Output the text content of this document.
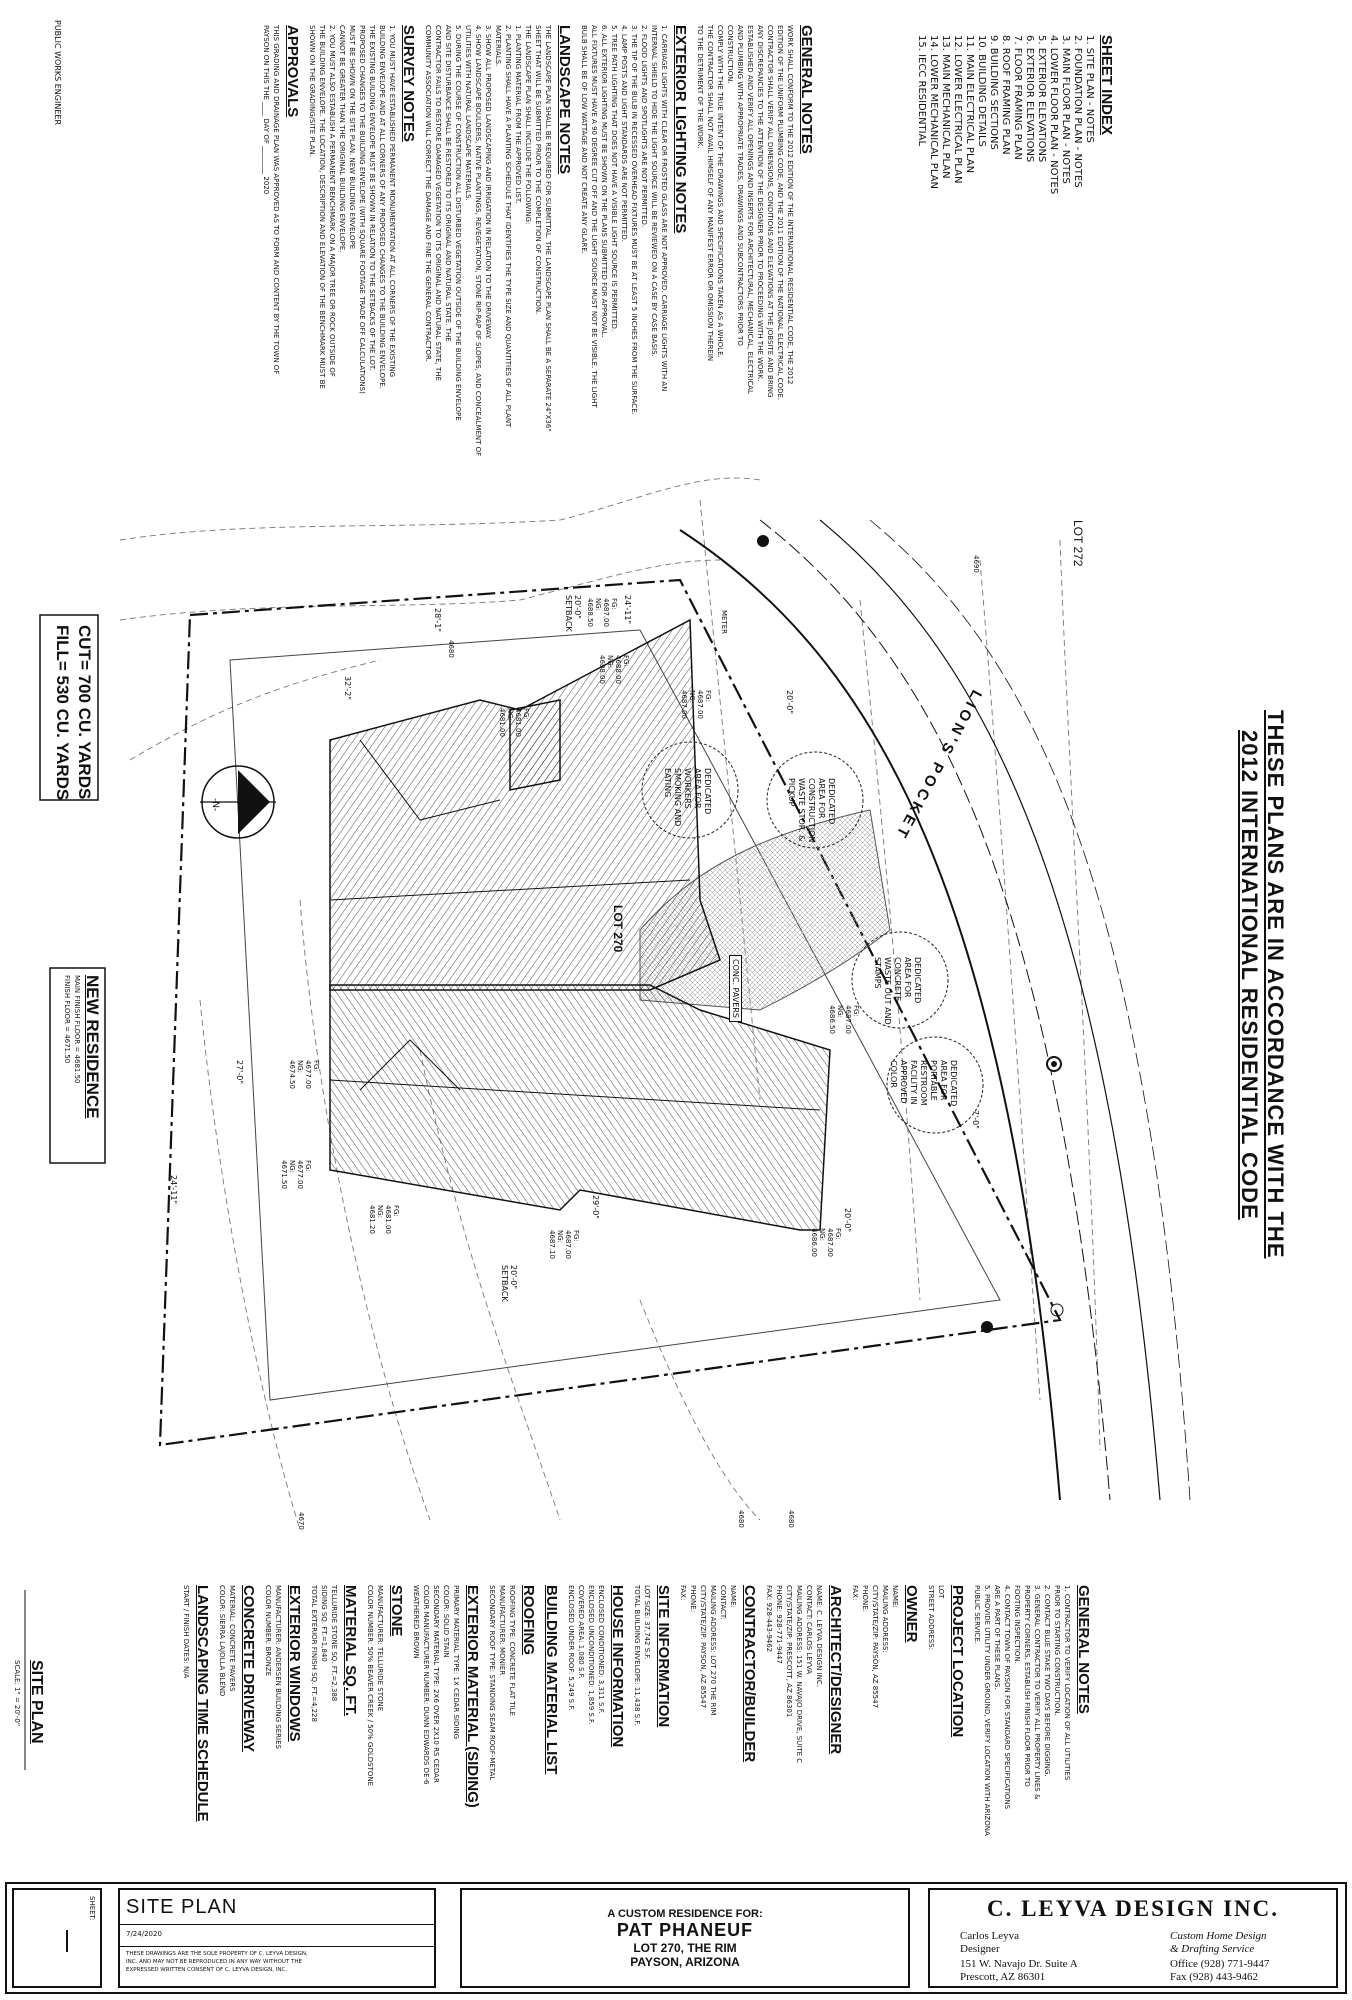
THESE PLANS ARE IN ACCORDANCE WITH THE
2012 INTERNATIONAL RESIDENTIAL CODE
SHEET INDEX
1. SITE PLAN - NOTES
2. FOUNDATION PLAN - NOTES
3. MAIN FLOOR PLAN - NOTES
4. LOWER FLOOR PLAN - NOTES
5. EXTERIOR ELEVATIONS
6. EXTERIOR ELEVATIONS
7. FLOOR FRAMING PLAN
8. ROOF FRAMING PLAN
9. BUILDING SECTIONS
10. BUILDING DETAILS
11. MAIN ELECTRICAL PLAN
12. LOWER ELECTRICAL PLAN
13. MAIN MECHANICAL PLAN
14. LOWER MECHANICAL PLAN
15. IECC RESIDENTIAL
GENERAL NOTES
WORK SHALL CONFORM TO THE 2012 EDITION OF THE INTERNATIONAL RESIDENTIAL CODE, THE 2012
EDITION OF THE UNIFORM PLUMBING CODE, AND THE 2011 EDITION OF THE NATIONAL ELECTRICAL CODE.
CONTRACTOR SHALL VERIFY ALL DIMENSIONS, CONDITIONS AND ELEVATIONS AT THE JOBSITE AND BRING
ANY DISCREPANCIES TO THE ATTENTION OF THE DESIGNER PRIOR TO PROCEEDING WITH THE WORK.
ESTABLISHED AND VERIFY ALL OPENINGS AND INSERTS FOR ARCHITECTURAL, MECHANICAL, ELECTRICAL
AND PLUMBING WITH APPROPRIATE TRADES, DRAWINGS AND SUBCONTRACTORS PRIOR TO
CONSTRUCTION.
COMPLY WITH THE TRUE INTENT OF THE DRAWINGS AND SPECIFICATIONS TAKEN AS A WHOLE.
THE CONTRACTOR SHALL NOT AVAIL HIMSELF OF ANY MANIFEST ERROR OR OMISSION THEREIN
TO THE DETRIMENT OF THE WORK.
EXTERIOR LIGHTING NOTES
1. CARRIAGE LIGHTS WITH CLEAR OR FROSTED GLASS ARE NOT APPROVED. CARRIAGE LIGHTS WITH AN
INTERNAL SHIELD TO HIDE THE LIGHT SOURCE WILL BE REVIEWED ON A CASE BY CASE BASIS.
2. FLOOD LIGHTS AND SPOTLIGHTS ARE NOT PERMITTED.
3. THE TIP OF THE BULB IN RECESSED OVERHEAD FIXTURES MUST BE AT LEAST 5 INCHES FROM THE SURFACE.
4. LAMP POSTS AND LIGHT STANDARDS ARE NOT PERMITTED.
5. TREE PATH LIGHTING THAT DOES NOT HAVE A VISIBLE LIGHT SOURCE IS PERMITTED.
6. ALL EXTERIOR LIGHTING MUST BE SHOWN ON THE PLANS SUBMITTED FOR APPROVAL.
ALL FIXTURES MUST HAVE A 90 DEGREE CUT OFF AND THE LIGHT SOURCE MUST NOT BE VISIBLE. THE LIGHT
BULB SHALL BE OF LOW WATTAGE AND NOT CREATE ANY GLARE.
LANDSCAPE NOTES
THE LANDSCAPE PLAN SHALL BE REQUIRED FOR SUBMITTAL. THE LANDSCAPE PLAN SHALL BE A SEPARATE 24"X36"
SHEET THAT WILL BE SUBMITTED PRIOR TO THE COMPLETION OF CONSTRUCTION.
THE LANDSCAPE PLAN SHALL INCLUDE THE FOLLOWING:
1. PLANTING MATERIAL FROM THE APPROVED LIST.
2. PLANTING SHALL HAVE A PLANTING SCHEDULE THAT IDENTIFIES THE TYPE SIZE AND QUANTITIES OF ALL PLANT
MATERIALS.
3. SHOW ALL PROPOSED LANDSCAPING AND IRRIGATION IN RELATION TO THE DRIVEWAY.
4. SHOW LANDSCAPE BOULDERS, NATIVE PLANTINGS, REVEGETATION, STONE RIP-RAP OF SLOPES, AND CONCEALMENT OF
UTILITIES WITH NATURAL LANDSCAPE MATERIALS.
5. DURING THE COURSE OF CONSTRUCTION ALL DISTURBED VEGETATION OUTSIDE OF THE BUILDING ENVELOPE
AND SITE DISTURBANCE SHALL BE RESTORED TO ITS ORIGINAL AND NATURAL STATE. THE
CONTRACTOR FAILS TO RESTORE DAMAGED VEGETATION TO ITS ORIGINAL AND NATURAL STATE, THE
COMMUNITY ASSOCIATION WILL CORRECT THE DAMAGE AND FINE THE GENERAL CONTRACTOR.
SURVEY NOTES
1. YOU MUST HAVE ESTABLISHED PERMANENT MONUMENTATION AT ALL CORNERS OF THE EXISTING
BUILDING ENVELOPE AND AT ALL CORNERS OF ANY PROPOSED CHANGES TO THE BUILDING ENVELOPE.
THE EXISTING BUILDING ENVELOPE MUST BE SHOWN IN RELATION TO THE SETBACKS OF THE LOT.
PROPOSED CHANGES TO THE BUILDING ENVELOPE (WITH SQUARE FOOTAGE TRADE OFF CALCULATIONS)
MUST BE SHOWN ON THE SITE PLAN. NEW BUILDING ENVELOPE
CANNOT BE GREATER THAN THE ORIGINAL BUILDING ENVELOPE.
2. YOU MUST ALSO ESTABLISH A PERMANENT BENCHMARK ON A MAJOR TREE OR ROCK OUTSIDE OF
THE BUILDING ENVELOPE. THE LOCATION, DESCRIPTION AND ELEVATION OF THE BENCHMARK MUST BE
SHOWN ON THE GRADING/SITE PLAN.
APPROVALS
THIS GRADING AND DRAINAGE PLAN WAS APPROVED AS TO FORM AND CONTENT BY THE TOWN OF
PAYSON ON THIS THE ____ DAY OF ________ 2020
PUBLIC WORKS ENGINEER
GENERAL NOTES
1. CONTRACTOR TO VERIFY LOCATION OF ALL UTILITIES
PRIOR TO STARTING CONSTRUCTION.
2. CONTACT BLUE STAKE TWO DAYS BEFORE DIGGING.
3. GENERAL CONTRACTOR TO VERIFY ALL PROPERTY LINES &
PROPERTY CORNERS. ESTABLISH FINISH FLOOR PRIOR TO
FOOTING INSPECTION.
4. CONTACT TOWN OF PAYSON FOR STANDARD SPECIFICATIONS
ARE A PART OF THESE PLANS.
5. PROVIDE UTILITY UNDER GROUND, VERIFY LOCATION WITH ARIZONA
PUBLIC SERVICE.
PROJECT LOCATION
LOT
STREET ADDRESS:
OWNER
NAME:
MAILING ADDRESS:
CITY/STATE/ZIP: PAYSON, AZ 85547
PHONE:
FAX:
ARCHITECT/DESIGNER
NAME: C. LEYVA DESIGN INC.
CONTACT: CARLOS LEYVA
MAILING ADDRESS: 151 W. NAVAJO DRIVE, SUITE C
CITY/STATE/ZIP: PRESCOTT, AZ 86301
PHONE: 928-771-9447
FAX: 928-443-9462
CONTRACTOR/BUILDER
NAME:
CONTACT:
MAILING ADDRESS: LOT 270 THE RIM
CITY/STATE/ZIP: PAYSON, AZ 85547
PHONE:
FAX:
SITE INFORMATION
LOT SIZE: 37,742 S.F.
TOTAL BUILDING ENVELOPE: 11,438 S.F.
HOUSE INFORMATION
ENCLOSED CONDITIONED: 3,311 S.F.
ENCLOSED UNCONDITIONED: 1,859 S.F.
COVERED AREA: 1,080 S.F.
ENCLOSED UNDER ROOF: 5,249 S.F.
BUILDING MATERIAL LIST
ROOFING
ROOFING TYPE: CONCRETE FLAT TILE
MANUFACTURER: MONIER
SECONDARY ROOF TYPE: STANDING SEAM ROOF-METAL
EXTERIOR MATERIAL (SIDING)
PRIMARY MATERIAL TYPE: 1X CEDAR SIDING
COLOR: SOLID STAIN
SECONDARY MATERIAL TYPE: 2X6 OVER 2X10 RS CEDAR
COLOR MANUFACTURER NUMBER: DUNN EDWARDS DE-6
WEATHERED BROWN
STONE
MANUFACTURER: TELLURIDE STONE
COLOR NUMBER: 50% BEAVER CREEK / 50% GOLDSTONE
MATERIAL SQ. FT.
TELLURIDE STONE SQ. FT.=2,388
SIDING SQ. FT.=1,840
TOTAL EXTERIOR FINISH SQ. FT.=4,228
EXTERIOR WINDOWS
MANUFACTURER: ANDERSEN BUILDING SERIES
COLOR NUMBER: BRONZE
CONCRETE DRIVEWAY
MATERIAL: CONCRETE PAVERS
COLOR: SIERRA LAJOLLA BLEND
LANDSCAPING TIME SCHEDULE
START / FINISH DATES: N/A
LION'S POCKET
LOT 272
LOT 270
CONC. PAVERS
-N-
METER
DEDICATED AREA FOR CONSTRUCTION WASTE STOR. & PICKUP
DEDICATED AREA FOR WORKERS SMOKING AND EATING
DEDICATED AREA FOR CONCRETE WASTE OUT AND STAMPS
DEDICATED AREA FOR PORTABLE RESTROOM FACILITY IN APPROVED COLOR
32'-2"
24'-11"
28'-1"
20'-0" SETBACK
20'-0"
27'-0"
24'-11"
29'-0"
20'-0" SETBACK
20'-0"
7'-0"
FG: 4688.00 NG: 4688.00
FG: 4687.00 NG: 4687.00
FG: 4687.00 NG: 4686.50
FG: 4681.00 NG: 4681.00
FG: 4677.00 NG: 4674.50
FG: 4677.00 NG: 4671.50
FG: 4681.00 NG: 4681.20
FG: 4687.00 NG: 4687.10	FG: 4687.00 NG: 4686.00
FG: 4687.00 NG: 4688.50
4690
4680
4670	4680	4680
CUT= 700 CU. YARDS
FILL= 530 CU. YARDS
NEW RESIDENCE
MAIN FINISH FLOOR = 4681.50
FINISH FLOOR = 4671.50
SITE PLAN
SCALE: 1" = 20'-0"
C. LEYVA DESIGN INC.
Carlos Leyva
Designer
Custom Home Design
& Drafting Service
151 W. Navajo Dr. Suite A
Prescott, AZ 86301
Office (928) 771-9447
Fax (928) 443-9462
A CUSTOM RESIDENCE FOR:
PAT PHANEUF
LOT 270, THE RIM
PAYSON, ARIZONA
SITE PLAN
7/24/2020
THESE DRAWINGS ARE THE SOLE PROPERTY OF C. LEYVA DESIGN,
INC. AND MAY NOT BE REPRODUCED IN ANY WAY WITHOUT THE
EXPRESSED WRITTEN CONSENT OF C. LEYVA DESIGN, INC.
SHEET:
1
